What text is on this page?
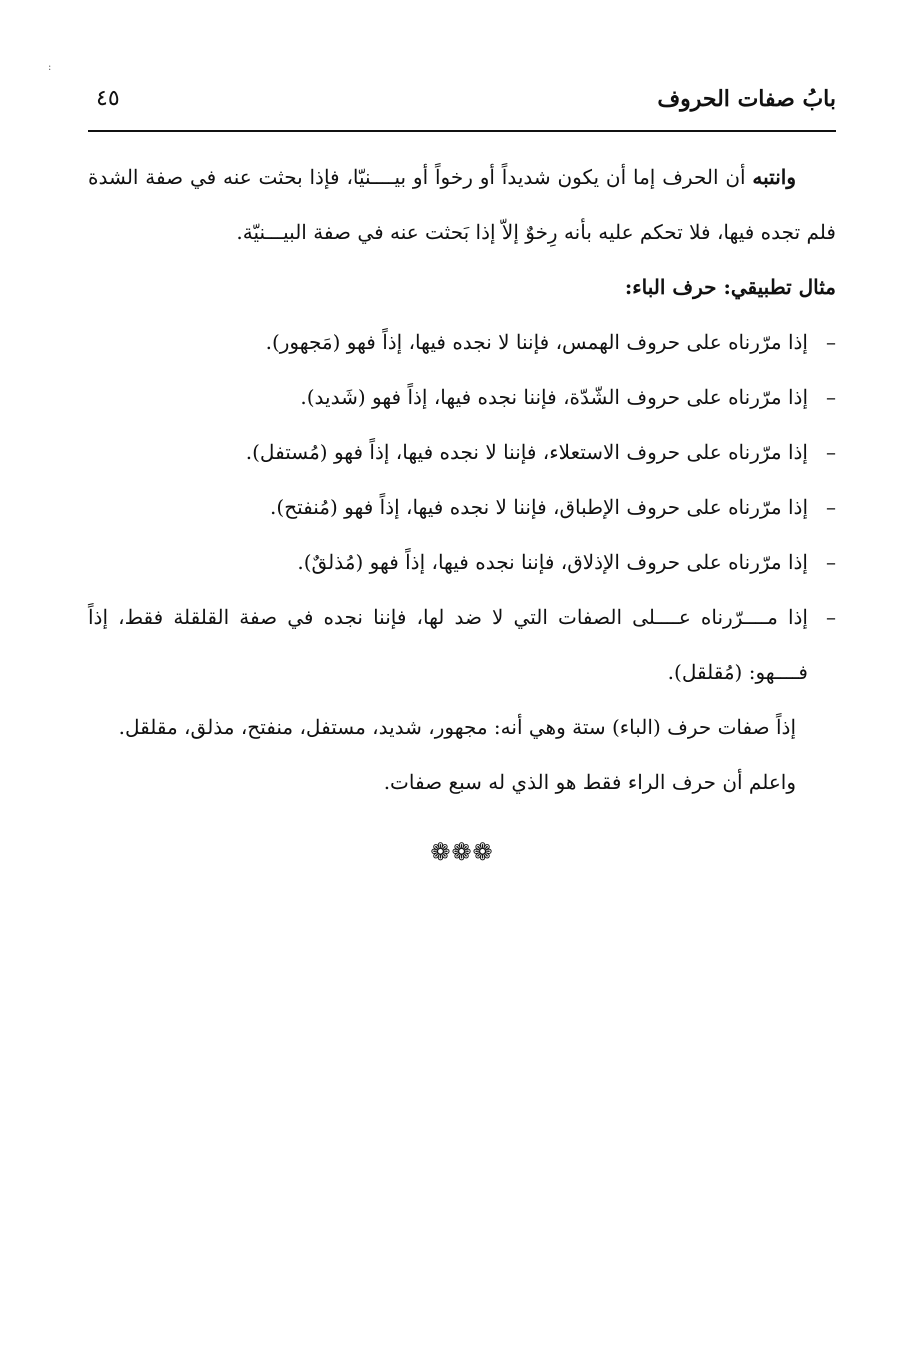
:
بابُ صفات الحروف
٤٥

وانتبه أن الحرف إما أن يكون شديداً أو رخواً أو بيــــنيّا، فإذا بحثت عنه في صفة الشدة فلم تجده فيها، فلا تحكم عليه بأنه رِخوٌ إلاّ إذا بَحثت عنه في صفة البيـــنيّة.

مثال تطبيقي: حرف الباء:

–
إذا مرّرناه على حروف الهمس، فإننا لا نجده فيها، إذاً فهو (مَجهور).
–
إذا مرّرناه على حروف الشّدّة، فإننا نجده فيها، إذاً فهو (شَديد).
–
إذا مرّرناه على حروف الاستعلاء، فإننا لا نجده فيها، إذاً فهو (مُستفل).
–
إذا مرّرناه على حروف الإطباق، فإننا لا نجده فيها، إذاً فهو (مُنفتح).
–
إذا مرّرناه على حروف الإذلاق، فإننا نجده فيها، إذاً فهو (مُذلقٌ).
–
إذا مــــرّرناه عــــلى الصفات التي لا ضد لها، فإننا نجده في صفة القلقلة فقط، إذاً فــــهو: (مُقلقل).

إذاً صفات حرف (الباء) ستة وهي أنه: مجهور، شديد، مستفل، منفتح، مذلق، مقلقل.

واعلم أن حرف الراء فقط هو الذي له سبع صفات.

❁❁❁
